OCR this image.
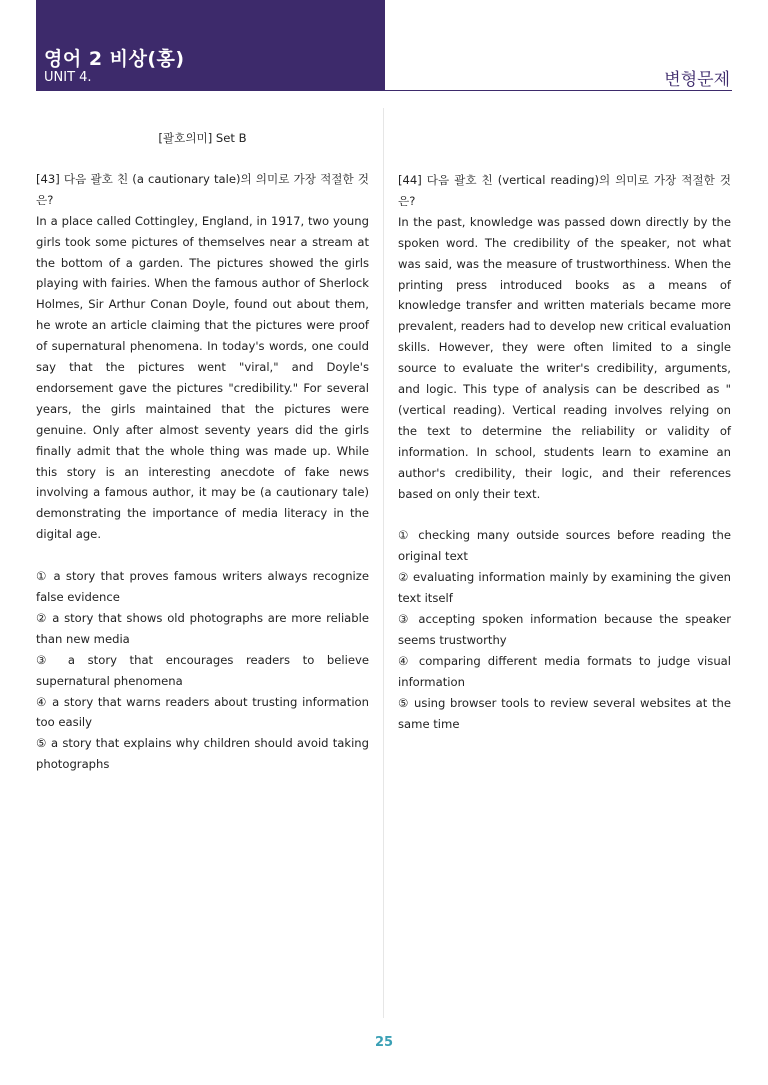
영어 2 비상(홍)
UNIT 4.	변형문제
[괄호의미] Set B
[43] 다음 괄호 친 (a cautionary tale)의 의미로 가장 적절한 것은?
In a place called Cottingley, England, in 1917, two young girls took some pictures of themselves near a stream at the bottom of a garden. The pictures showed the girls playing with fairies. When the famous author of Sherlock Holmes, Sir Arthur Conan Doyle, found out about them, he wrote an article claiming that the pictures were proof of supernatural phenomena. In today's words, one could say that the pictures went "viral," and Doyle's endorsement gave the pictures "credibility." For several years, the girls maintained that the pictures were genuine. Only after almost seventy years did the girls finally admit that the whole thing was made up. While this story is an interesting anecdote of fake news involving a famous author, it may be (a cautionary tale) demonstrating the importance of media literacy in the digital age.
① a story that proves famous writers always recognize false evidence
② a story that shows old photographs are more reliable than new media
③ a story that encourages readers to believe supernatural phenomena
④ a story that warns readers about trusting information too easily
⑤ a story that explains why children should avoid taking photographs
[44] 다음 괄호 친 (vertical reading)의 의미로 가장 적절한 것은?
In the past, knowledge was passed down directly by the spoken word. The credibility of the speaker, not what was said, was the measure of trustworthiness. When the printing press introduced books as a means of knowledge transfer and written materials became more prevalent, readers had to develop new critical evaluation skills. However, they were often limited to a single source to evaluate the writer's credibility, arguments, and logic. This type of analysis can be described as "(vertical reading). Vertical reading involves relying on the text to determine the reliability or validity of information. In school, students learn to examine an author's credibility, their logic, and their references based on only their text.
① checking many outside sources before reading the original text
② evaluating information mainly by examining the given text itself
③ accepting spoken information because the speaker seems trustworthy
④ comparing different media formats to judge visual information
⑤ using browser tools to review several websites at the same time
25
